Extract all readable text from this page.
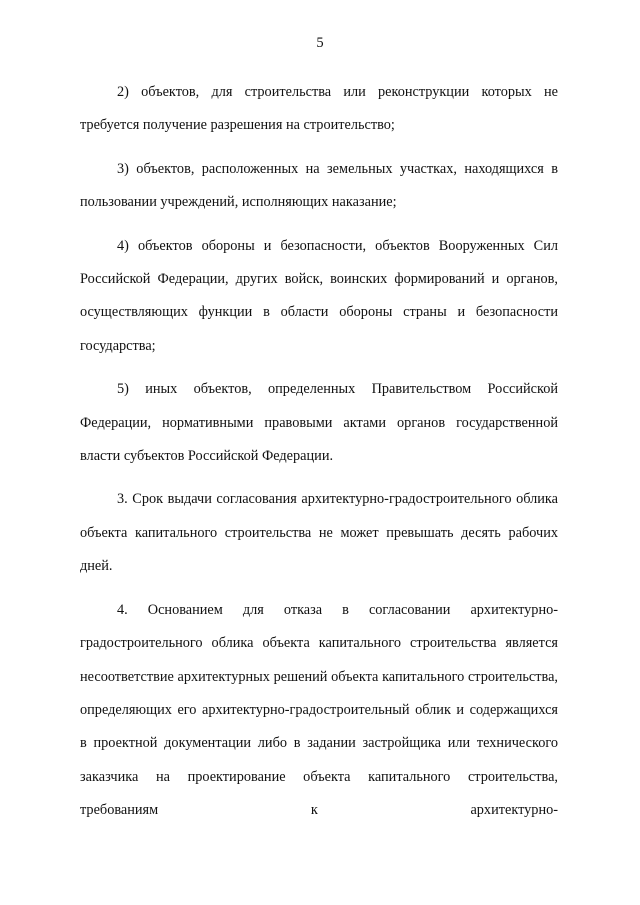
5

2) объектов, для строительства или реконструкции которых не требуется получение разрешения на строительство;

3) объектов, расположенных на земельных участках, находящихся в пользовании учреждений, исполняющих наказание;

4) объектов обороны и безопасности, объектов Вооруженных Сил Российской Федерации, других войск, воинских формирований и органов, осуществляющих функции в области обороны страны и безопасности государства;

5) иных объектов, определенных Правительством Российской Федерации, нормативными правовыми актами органов государственной власти субъектов Российской Федерации.

3. Срок выдачи согласования архитектурно-градостроительного облика объекта капитального строительства не может превышать десять рабочих дней.

4. Основанием для отказа в согласовании архитектурно-градостроительного облика объекта капитального строительства является несоответствие архитектурных решений объекта капитального строительства, определяющих его архитектурно-градостроительный облик и содержащихся в проектной документации либо в задании застройщика или технического заказчика на проектирование объекта капитального строительства, требованиям к архитектурно-
